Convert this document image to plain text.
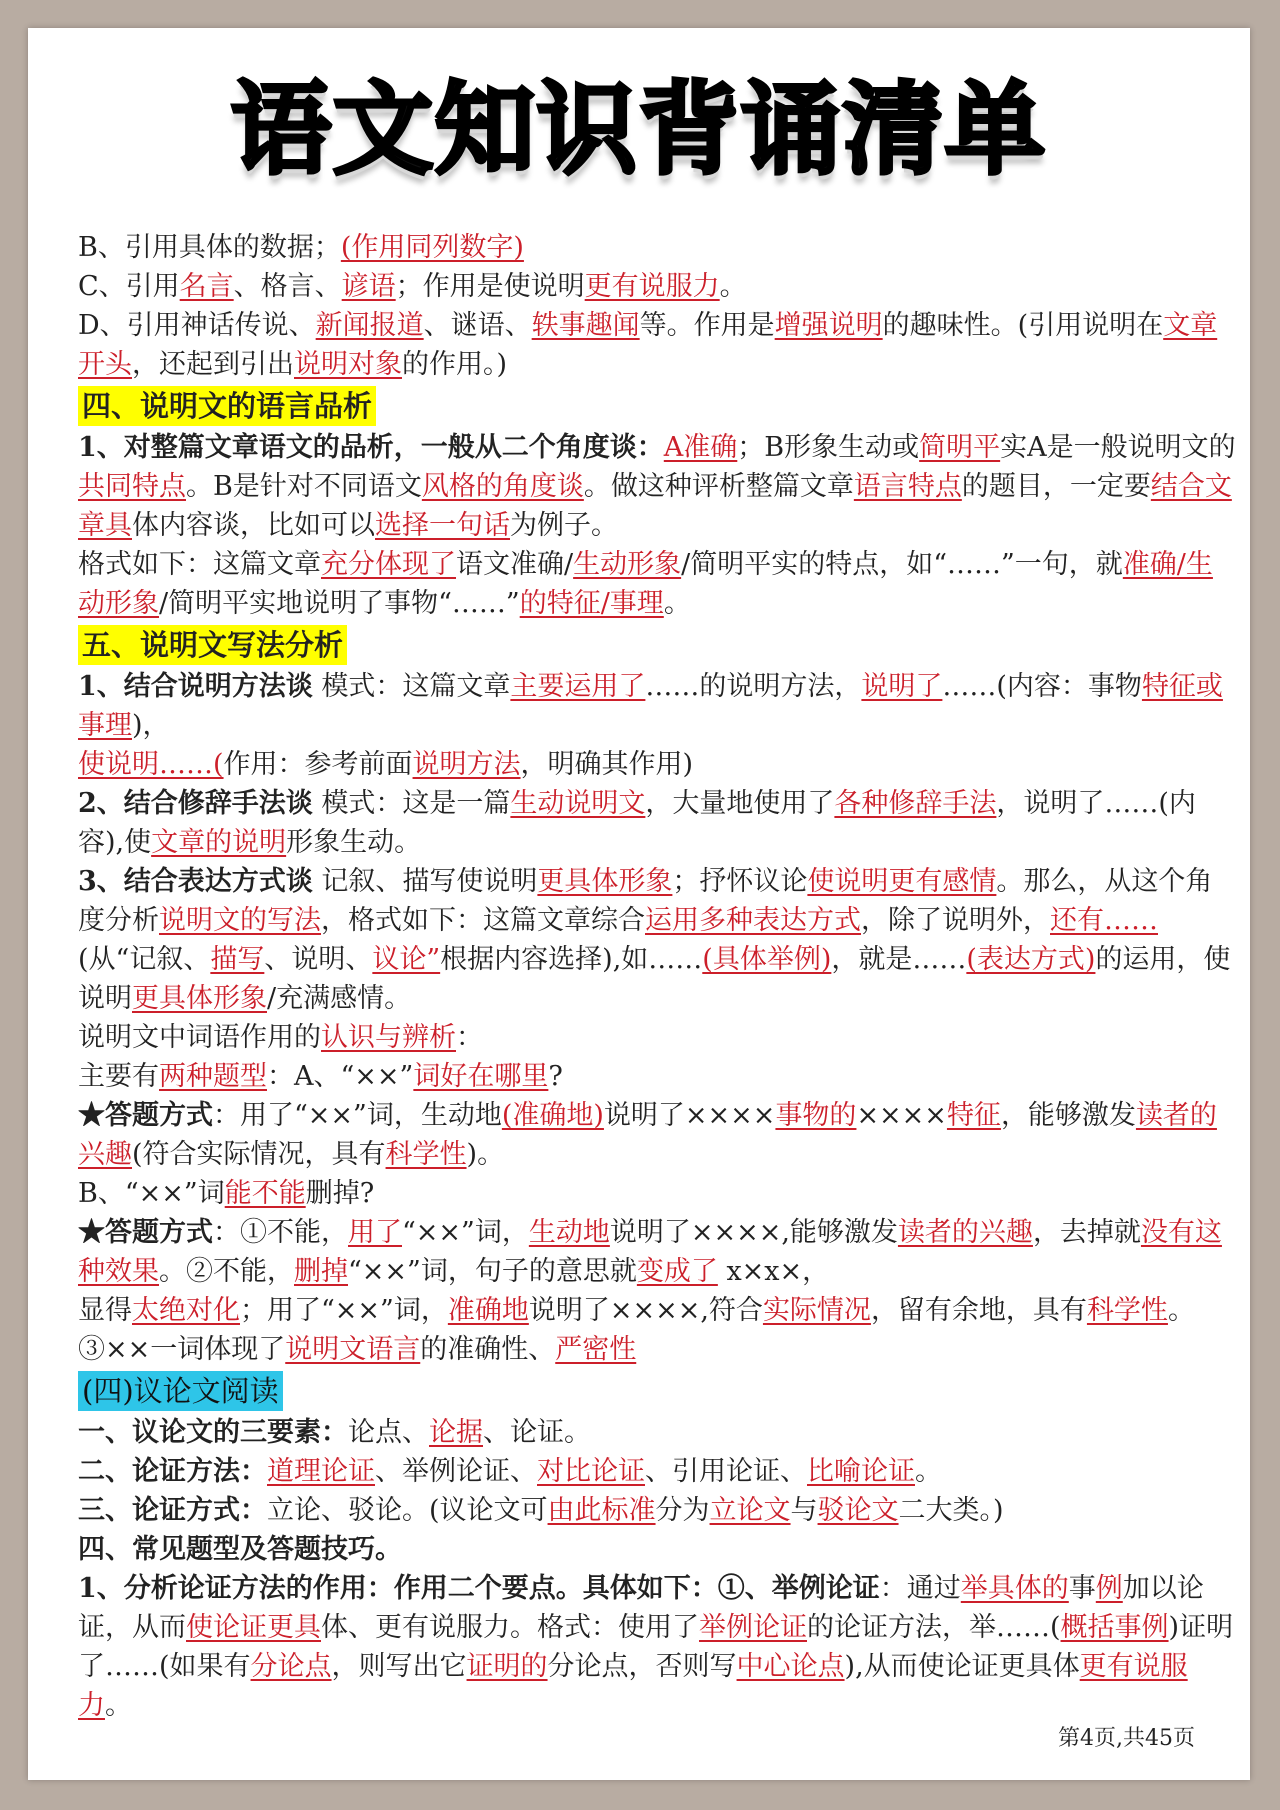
语文知识背诵清单

B、引用具体的数据；(作用同列数字)

C、引用名言、格言、谚语；作用是使说明更有说服力。

D、引用神话传说、新闻报道、谜语、轶事趣闻等。作用是增强说明的趣味性。(引用说明在文章开头，还起到引出说明对象的作用。)

四、说明文的语言品析

1、对整篇文章语文的品析，一般从二个角度谈：A准确；B形象生动或简明平实A是一般说明文的共同特点。B是针对不同语文风格的角度谈。做这种评析整篇文章语言特点的题目，一定要结合文章具体内容谈，比如可以选择一句话为例子。

格式如下：这篇文章充分体现了语文准确/生动形象/简明平实的特点，如“……”一句，就准确/生动形象/简明平实地说明了事物“……”的特征/事理。

五、说明文写法分析

1、结合说明方法谈 模式：这篇文章主要运用了……的说明方法，说明了……(内容：事物特征或事理)，

使说明……(作用：参考前面说明方法，明确其作用)

2、结合修辞手法谈 模式：这是一篇生动说明文，大量地使用了各种修辞手法，说明了……(内容),使文章的说明形象生动。

3、结合表达方式谈 记叙、描写使说明更具体形象；抒怀议论使说明更有感情。那么，从这个角度分析说明文的写法，格式如下：这篇文章综合运用多种表达方式，除了说明外，还有……(从“记叙、描写、说明、议论”根据内容选择),如……(具体举例)，就是……(表达方式)的运用，使说明更具体形象/充满感情。

说明文中词语作用的认识与辨析：

主要有两种题型：A、“××”词好在哪里?

★答题方式：用了“××”词，生动地(准确地)说明了××××事物的××××特征，能够激发读者的兴趣(符合实际情况，具有科学性)。

B、“××”词能不能删掉?

★答题方式：①不能，用了“××”词，生动地说明了××××,能够激发读者的兴趣，去掉就没有这种效果。②不能，删掉“××”词，句子的意思就变成了 x×x×，

显得太绝对化；用了“××”词，准确地说明了××××,符合实际情况，留有余地，具有科学性。③××一词体现了说明文语言的准确性、严密性

(四)议论文阅读

一、议论文的三要素：论点、论据、论证。

二、论证方法：道理论证、举例论证、对比论证、引用论证、比喻论证。

三、论证方式：立论、驳论。(议论文可由此标准分为立论文与驳论文二大类。)

四、常见题型及答题技巧。

1、分析论证方法的作用：作用二个要点。具体如下：①、举例论证：通过举具体的事例加以论证，从而使论证更具体、更有说服力。格式：使用了举例论证的论证方法，举……(概括事例)证明了……(如果有分论点，则写出它证明的分论点，否则写中心论点),从而使论证更具体更有说服力。

第4页,共45页
